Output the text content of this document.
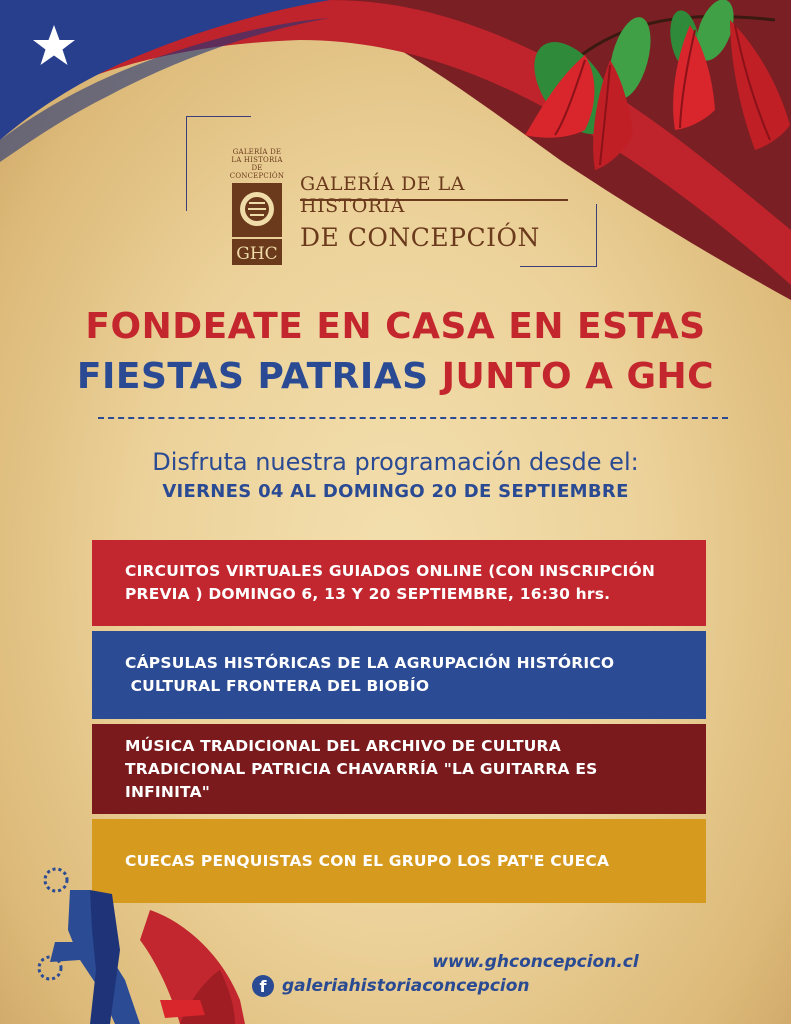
GALERÍA DE
LA HISTORIA
DE CONCEPCIÓN
GHC
GALERÍA DE LA HISTORIA
DE CONCEPCIÓN
FONDEATE EN CASA EN ESTAS
FIESTAS PATRIAS JUNTO A GHC
Disfruta nuestra programación desde el:
VIERNES 04 AL DOMINGO 20 DE SEPTIEMBRE
CIRCUITOS VIRTUALES GUIADOS ONLINE (CON INSCRIPCIÓN
PREVIA ) DOMINGO 6, 13 Y 20 SEPTIEMBRE, 16:30 hrs.
CÁPSULAS HISTÓRICAS DE LA AGRUPACIÓN HISTÓRICO
CULTURAL FRONTERA DEL BIOBÍO
MÚSICA TRADICIONAL DEL ARCHIVO DE CULTURA
TRADICIONAL PATRICIA CHAVARRÍA "LA GUITARRA ES
INFINITA"
CUECAS PENQUISTAS CON EL GRUPO LOS PAT'E CUECA
www.ghconcepcion.cl
f galeriahistoriaconcepcion
